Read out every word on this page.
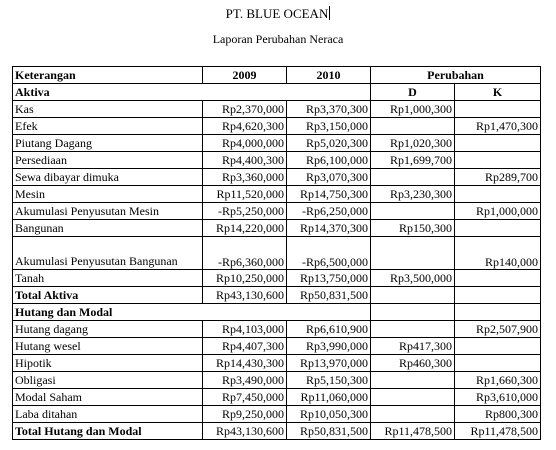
PT. BLUE OCEAN
Laporan Perubahan Neraca
Keterangan	2009	2010	Perubahan	
Aktiva			D	K
Kas	Rp2,370,000	Rp3,370,300	Rp1,000,300	
Efek	Rp4,620,300	Rp3,150,000		Rp1,470,300
Piutang Dagang	Rp4,000,000	Rp5,020,300	Rp1,020,300	
Persediaan	Rp4,400,300	Rp6,100,000	Rp1,699,700	
Sewa dibayar dimuka	Rp3,360,000	Rp3,070,300		Rp289,700
Mesin	Rp11,520,000	Rp14,750,300	Rp3,230,300	
Akumulasi Penyusutan Mesin	-Rp5,250,000	-Rp6,250,000		Rp1,000,000
Bangunan	Rp14,220,000	Rp14,370,300	Rp150,300	
Akumulasi Penyusutan Bangunan	-Rp6,360,000	-Rp6,500,000		Rp140,000
Tanah	Rp10,250,000	Rp13,750,000	Rp3,500,000	
Total Aktiva	Rp43,130,600	Rp50,831,500		
Hutang dan Modal				
Hutang dagang	Rp4,103,000	Rp6,610,900		Rp2,507,900
Hutang wesel	Rp4,407,300	Rp3,990,000	Rp417,300	
Hipotik	Rp14,430,300	Rp13,970,000	Rp460,300	
Obligasi	Rp3,490,000	Rp5,150,300		Rp1,660,300
Modal Saham	Rp7,450,000	Rp11,060,000		Rp3,610,000
Laba ditahan	Rp9,250,000	Rp10,050,300		Rp800,300
Total Hutang dan Modal	Rp43,130,600	Rp50,831,500	Rp11,478,500	Rp11,478,500
